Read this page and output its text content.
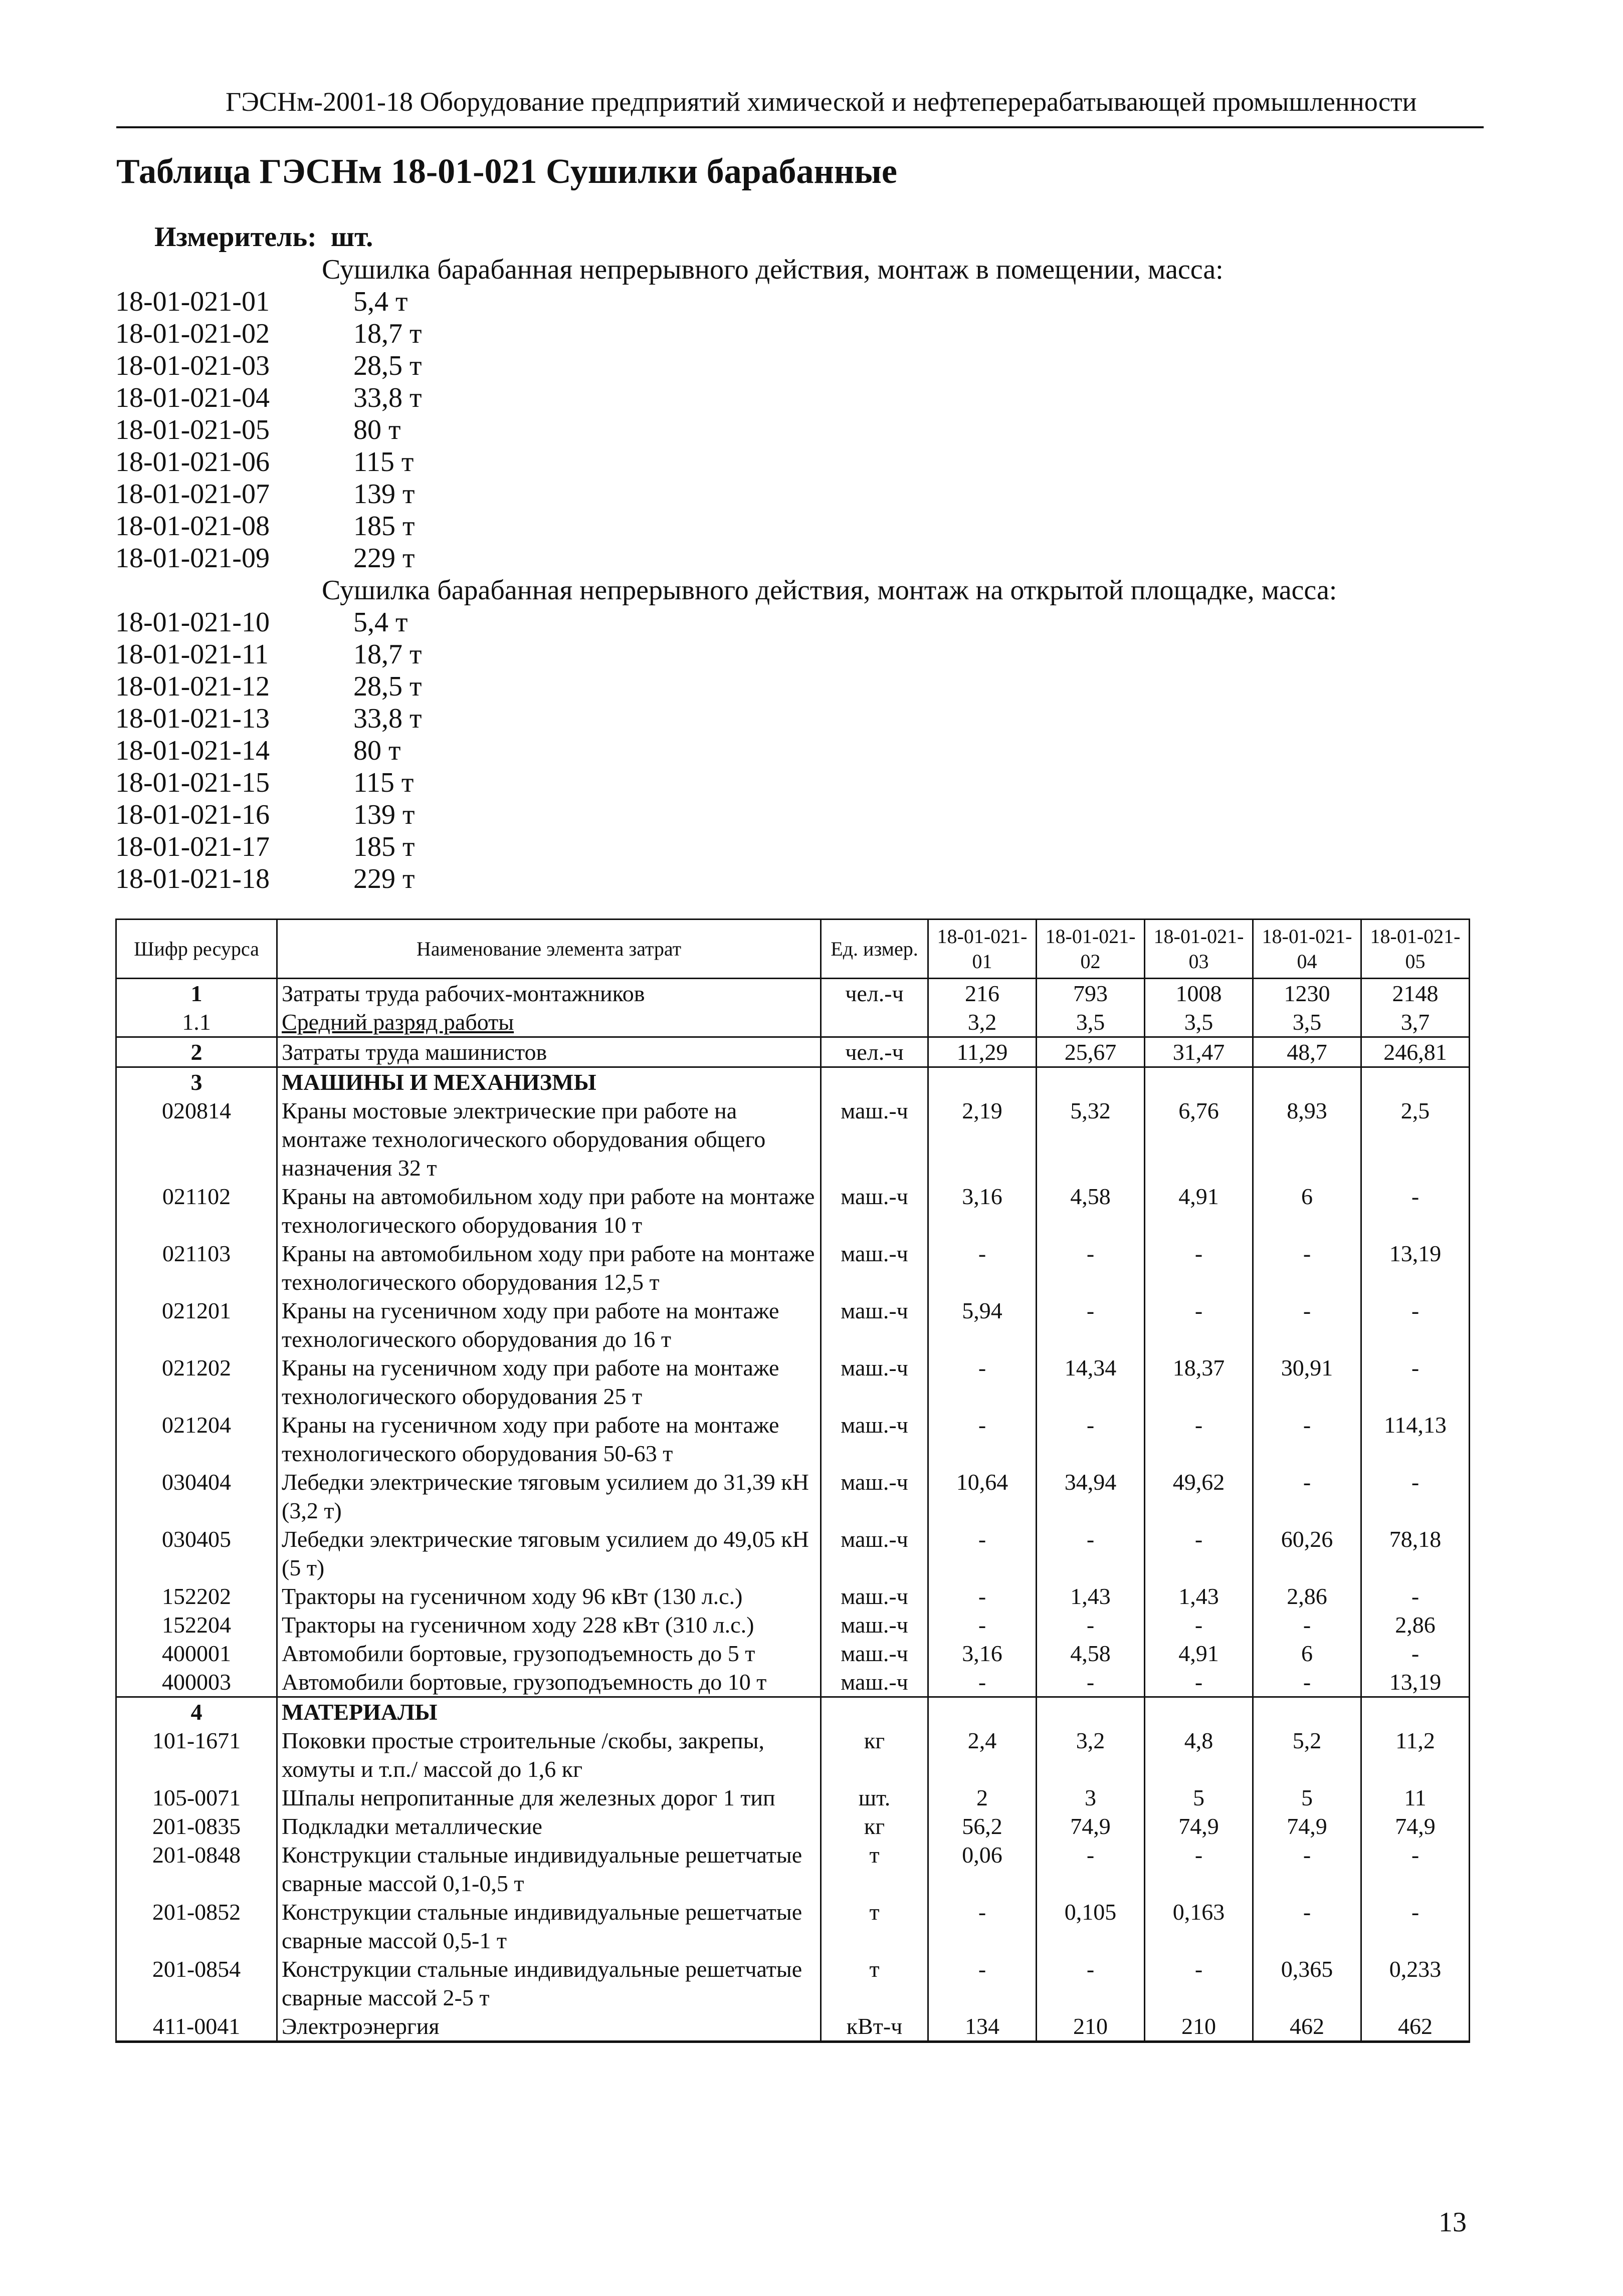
ГЭСНм-2001-18 Оборудование предприятий химической и нефтеперерабатывающей промышленности
Таблица ГЭСНм 18-01-021 Сушилки барабанные
Измеритель: шт.
Сушилка барабанная непрерывного действия, монтаж в помещении, масса:
18-01-021-01	5,4 т
18-01-021-02	18,7 т
18-01-021-03	28,5 т
18-01-021-04	33,8 т
18-01-021-05	80 т
18-01-021-06	115 т
18-01-021-07	139 т
18-01-021-08	185 т
18-01-021-09	229 т
Сушилка барабанная непрерывного действия, монтаж на открытой площадке, масса:
18-01-021-10	5,4 т
18-01-021-11	18,7 т
18-01-021-12	28,5 т
18-01-021-13	33,8 т
18-01-021-14	80 т
18-01-021-15	115 т
18-01-021-16	139 т
18-01-021-17	185 т
18-01-021-18	229 т
Шифр ресурса	Наименование элемента затрат	Ед. измер.	18-01-021-01	18-01-021-02	18-01-021-03	18-01-021-04	18-01-021-05
1	Затраты труда рабочих-монтажников	чел.-ч	216	793	1008	1230	2148
1.1	Средний разряд работы		3,2	3,5	3,5	3,5	3,7
2	Затраты труда машинистов	чел.-ч	11,29	25,67	31,47	48,7	246,81
3	МАШИНЫ И МЕХАНИЗМЫ						
020814	Краны мостовые электрические при работе на монтаже технологического оборудования общего назначения 32 т	маш.-ч	2,19	5,32	6,76	8,93	2,5
021102	Краны на автомобильном ходу при работе на монтаже технологического оборудования 10 т	маш.-ч	3,16	4,58	4,91	6	-
021103	Краны на автомобильном ходу при работе на монтаже технологического оборудования 12,5 т	маш.-ч	-	-	-	-	13,19
021201	Краны на гусеничном ходу при работе на монтаже технологического оборудования до 16 т	маш.-ч	5,94	-	-	-	-
021202	Краны на гусеничном ходу при работе на монтаже технологического оборудования 25 т	маш.-ч	-	14,34	18,37	30,91	-
021204	Краны на гусеничном ходу при работе на монтаже технологического оборудования 50-63 т	маш.-ч	-	-	-	-	114,13
030404	Лебедки электрические тяговым усилием до 31,39 кН (3,2 т)	маш.-ч	10,64	34,94	49,62	-	-
030405	Лебедки электрические тяговым усилием до 49,05 кН (5 т)	маш.-ч	-	-	-	60,26	78,18
152202	Тракторы на гусеничном ходу 96 кВт (130 л.с.)	маш.-ч	-	1,43	1,43	2,86	-
152204	Тракторы на гусеничном ходу 228 кВт (310 л.с.)	маш.-ч	-	-	-	-	2,86
400001	Автомобили бортовые, грузоподъемность до 5 т	маш.-ч	3,16	4,58	4,91	6	-
400003	Автомобили бортовые, грузоподъемность до 10 т	маш.-ч	-	-	-	-	13,19
4	МАТЕРИАЛЫ						
101-1671	Поковки простые строительные /скобы, закрепы, хомуты и т.п./ массой до 1,6 кг	кг	2,4	3,2	4,8	5,2	11,2
105-0071	Шпалы непропитанные для железных дорог 1 тип	шт.	2	3	5	5	11
201-0835	Подкладки металлические	кг	56,2	74,9	74,9	74,9	74,9
201-0848	Конструкции стальные индивидуальные решетчатые сварные массой 0,1-0,5 т	т	0,06	-	-	-	-
201-0852	Конструкции стальные индивидуальные решетчатые сварные массой 0,5-1 т	т	-	0,105	0,163	-	-
201-0854	Конструкции стальные индивидуальные решетчатые сварные массой 2-5 т	т	-	-	-	0,365	0,233
411-0041	Электроэнергия	кВт-ч	134	210	210	462	462
13
